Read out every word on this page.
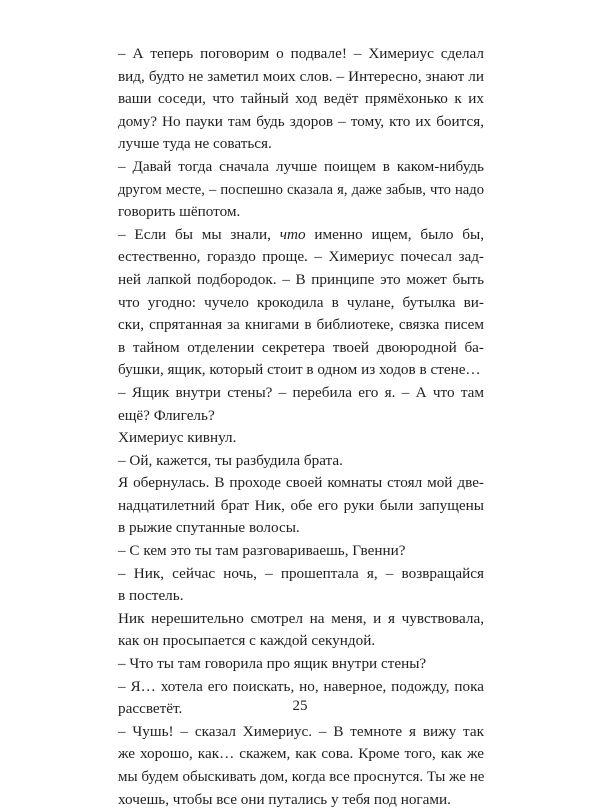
– А теперь поговорим о подвале! – Химериус сделал
вид, будто не заметил моих слов. – Интересно, знают ли
ваши соседи, что тайный ход ведёт прямёхонько к их
дому? Но пауки там будь здоров – тому, кто их боится,
лучше туда не соваться.

– Давай тогда сначала лучше поищем в каком-нибудь
другом месте, – поспешно сказала я, даже забыв, что надо
говорить шёпотом.

– Если бы мы знали, что именно ищем, было бы,
естественно, гораздо проще. – Химериус почесал зад-
ней лапкой подбородок. – В принципе это может быть
что угодно: чучело крокодила в чулане, бутылка ви-
ски, спрятанная за книгами в библиотеке, связка писем
в тайном отделении секретера твоей двоюродной ба-
бушки, ящик, который стоит в одном из ходов в стене…

– Ящик внутри стены? – перебила его я. – А что там
ещё? Флигель?

Химериус кивнул.

– Ой, кажется, ты разбудила брата.

Я обернулась. В проходе своей комнаты стоял мой две-
надцатилетний брат Ник, обе его руки были запущены
в рыжие спутанные волосы.

– С кем это ты там разговариваешь, Гвенни?

– Ник, сейчас ночь, – прошептала я, – возвращайся
в постель.

Ник нерешительно смотрел на меня, и я чувствовала,
как он просыпается с каждой секундой.

– Что ты там говорила про ящик внутри стены?

– Я… хотела его поискать, но, наверное, подожду, пока
рассветёт.

– Чушь! – сказал Химериус. – В темноте я вижу так
же хорошо, как… скажем, как сова. Кроме того, как же
мы будем обыскивать дом, когда все проснутся. Ты же не
хочешь, чтобы все они путались у тебя под ногами.

25
